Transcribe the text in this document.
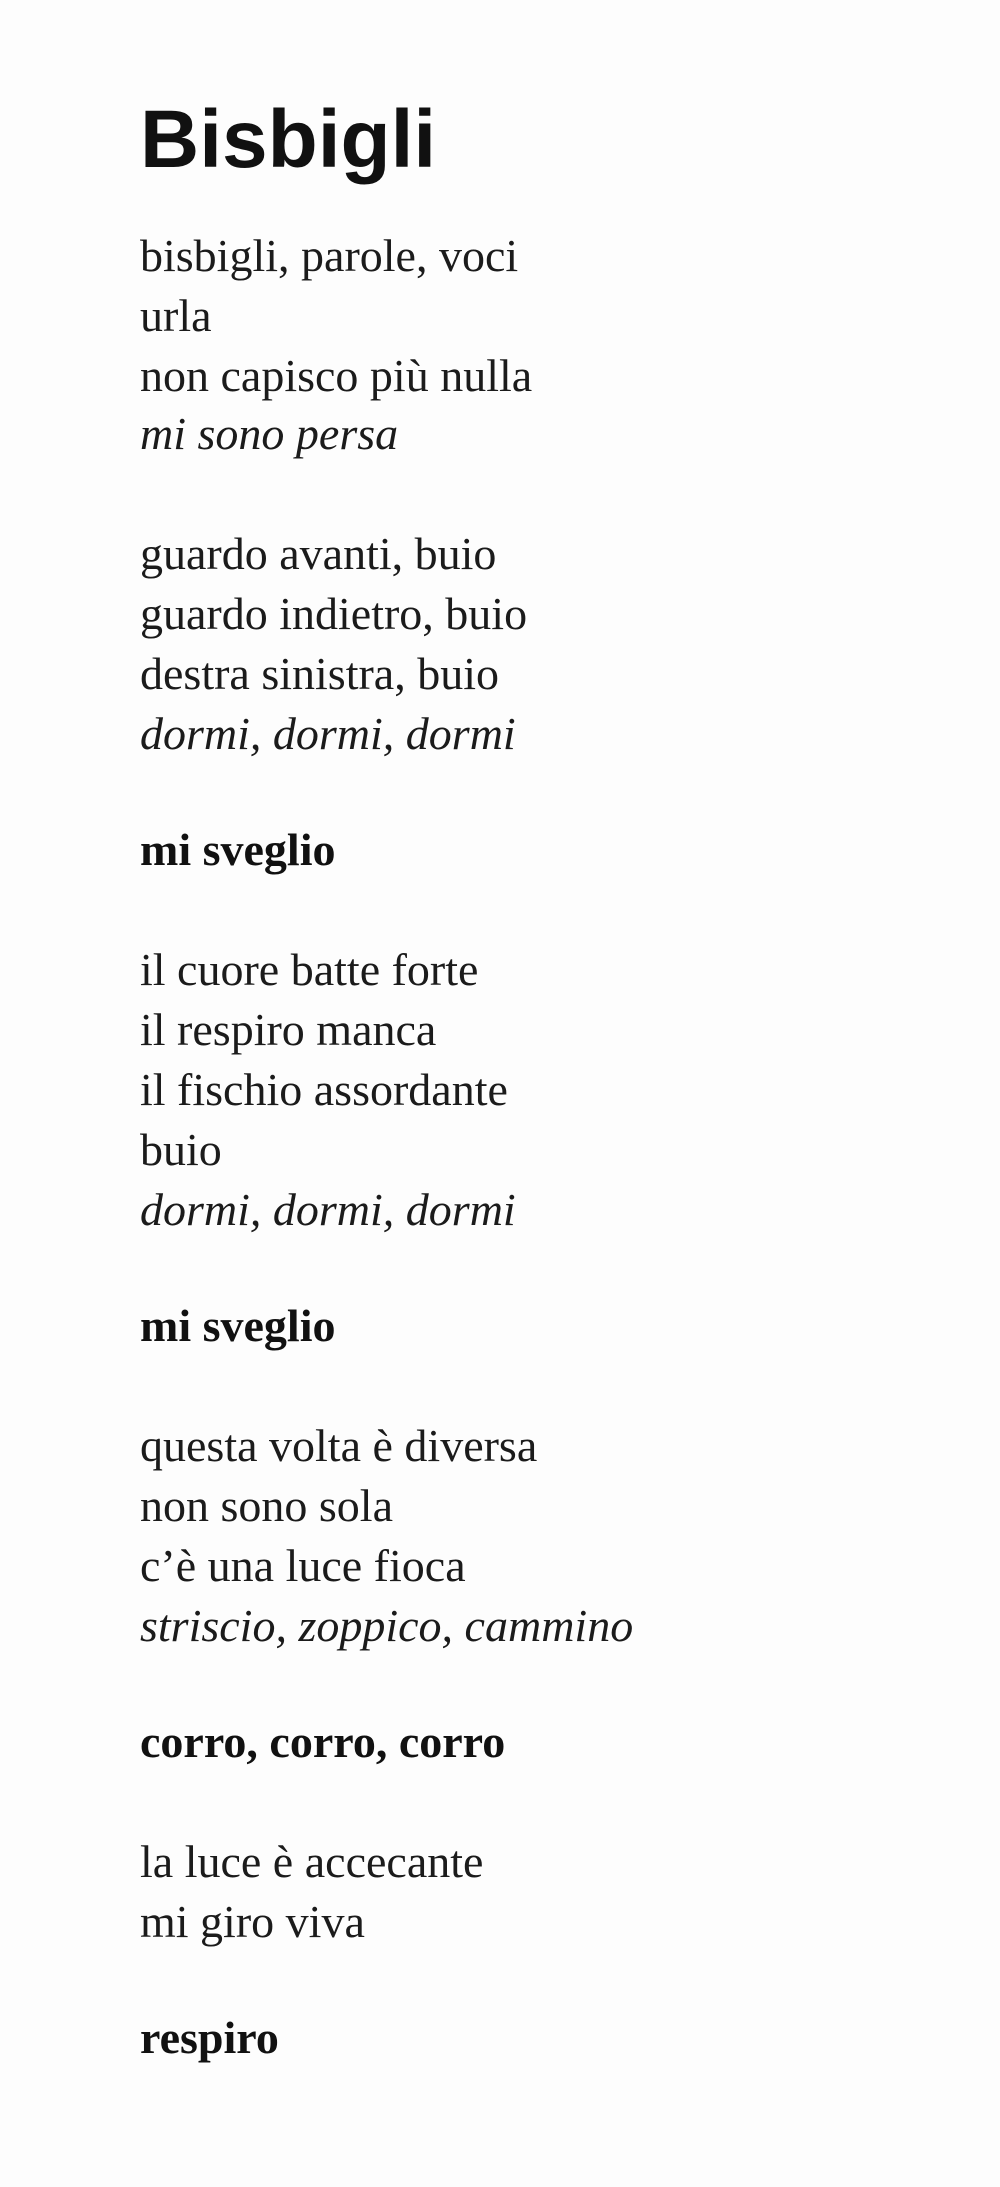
Bisbigli

bisbigli, parole, voci

urla

non capisco più nulla

mi sono persa

guardo avanti, buio

guardo indietro, buio

destra sinistra, buio

dormi, dormi, dormi

mi sveglio

il cuore batte forte

il respiro manca

il fischio assordante

buio

dormi, dormi, dormi

mi sveglio

questa volta è diversa

non sono sola

c’è una luce fioca

striscio, zoppico, cammino

corro, corro, corro

la luce è accecante

mi giro viva

respiro
